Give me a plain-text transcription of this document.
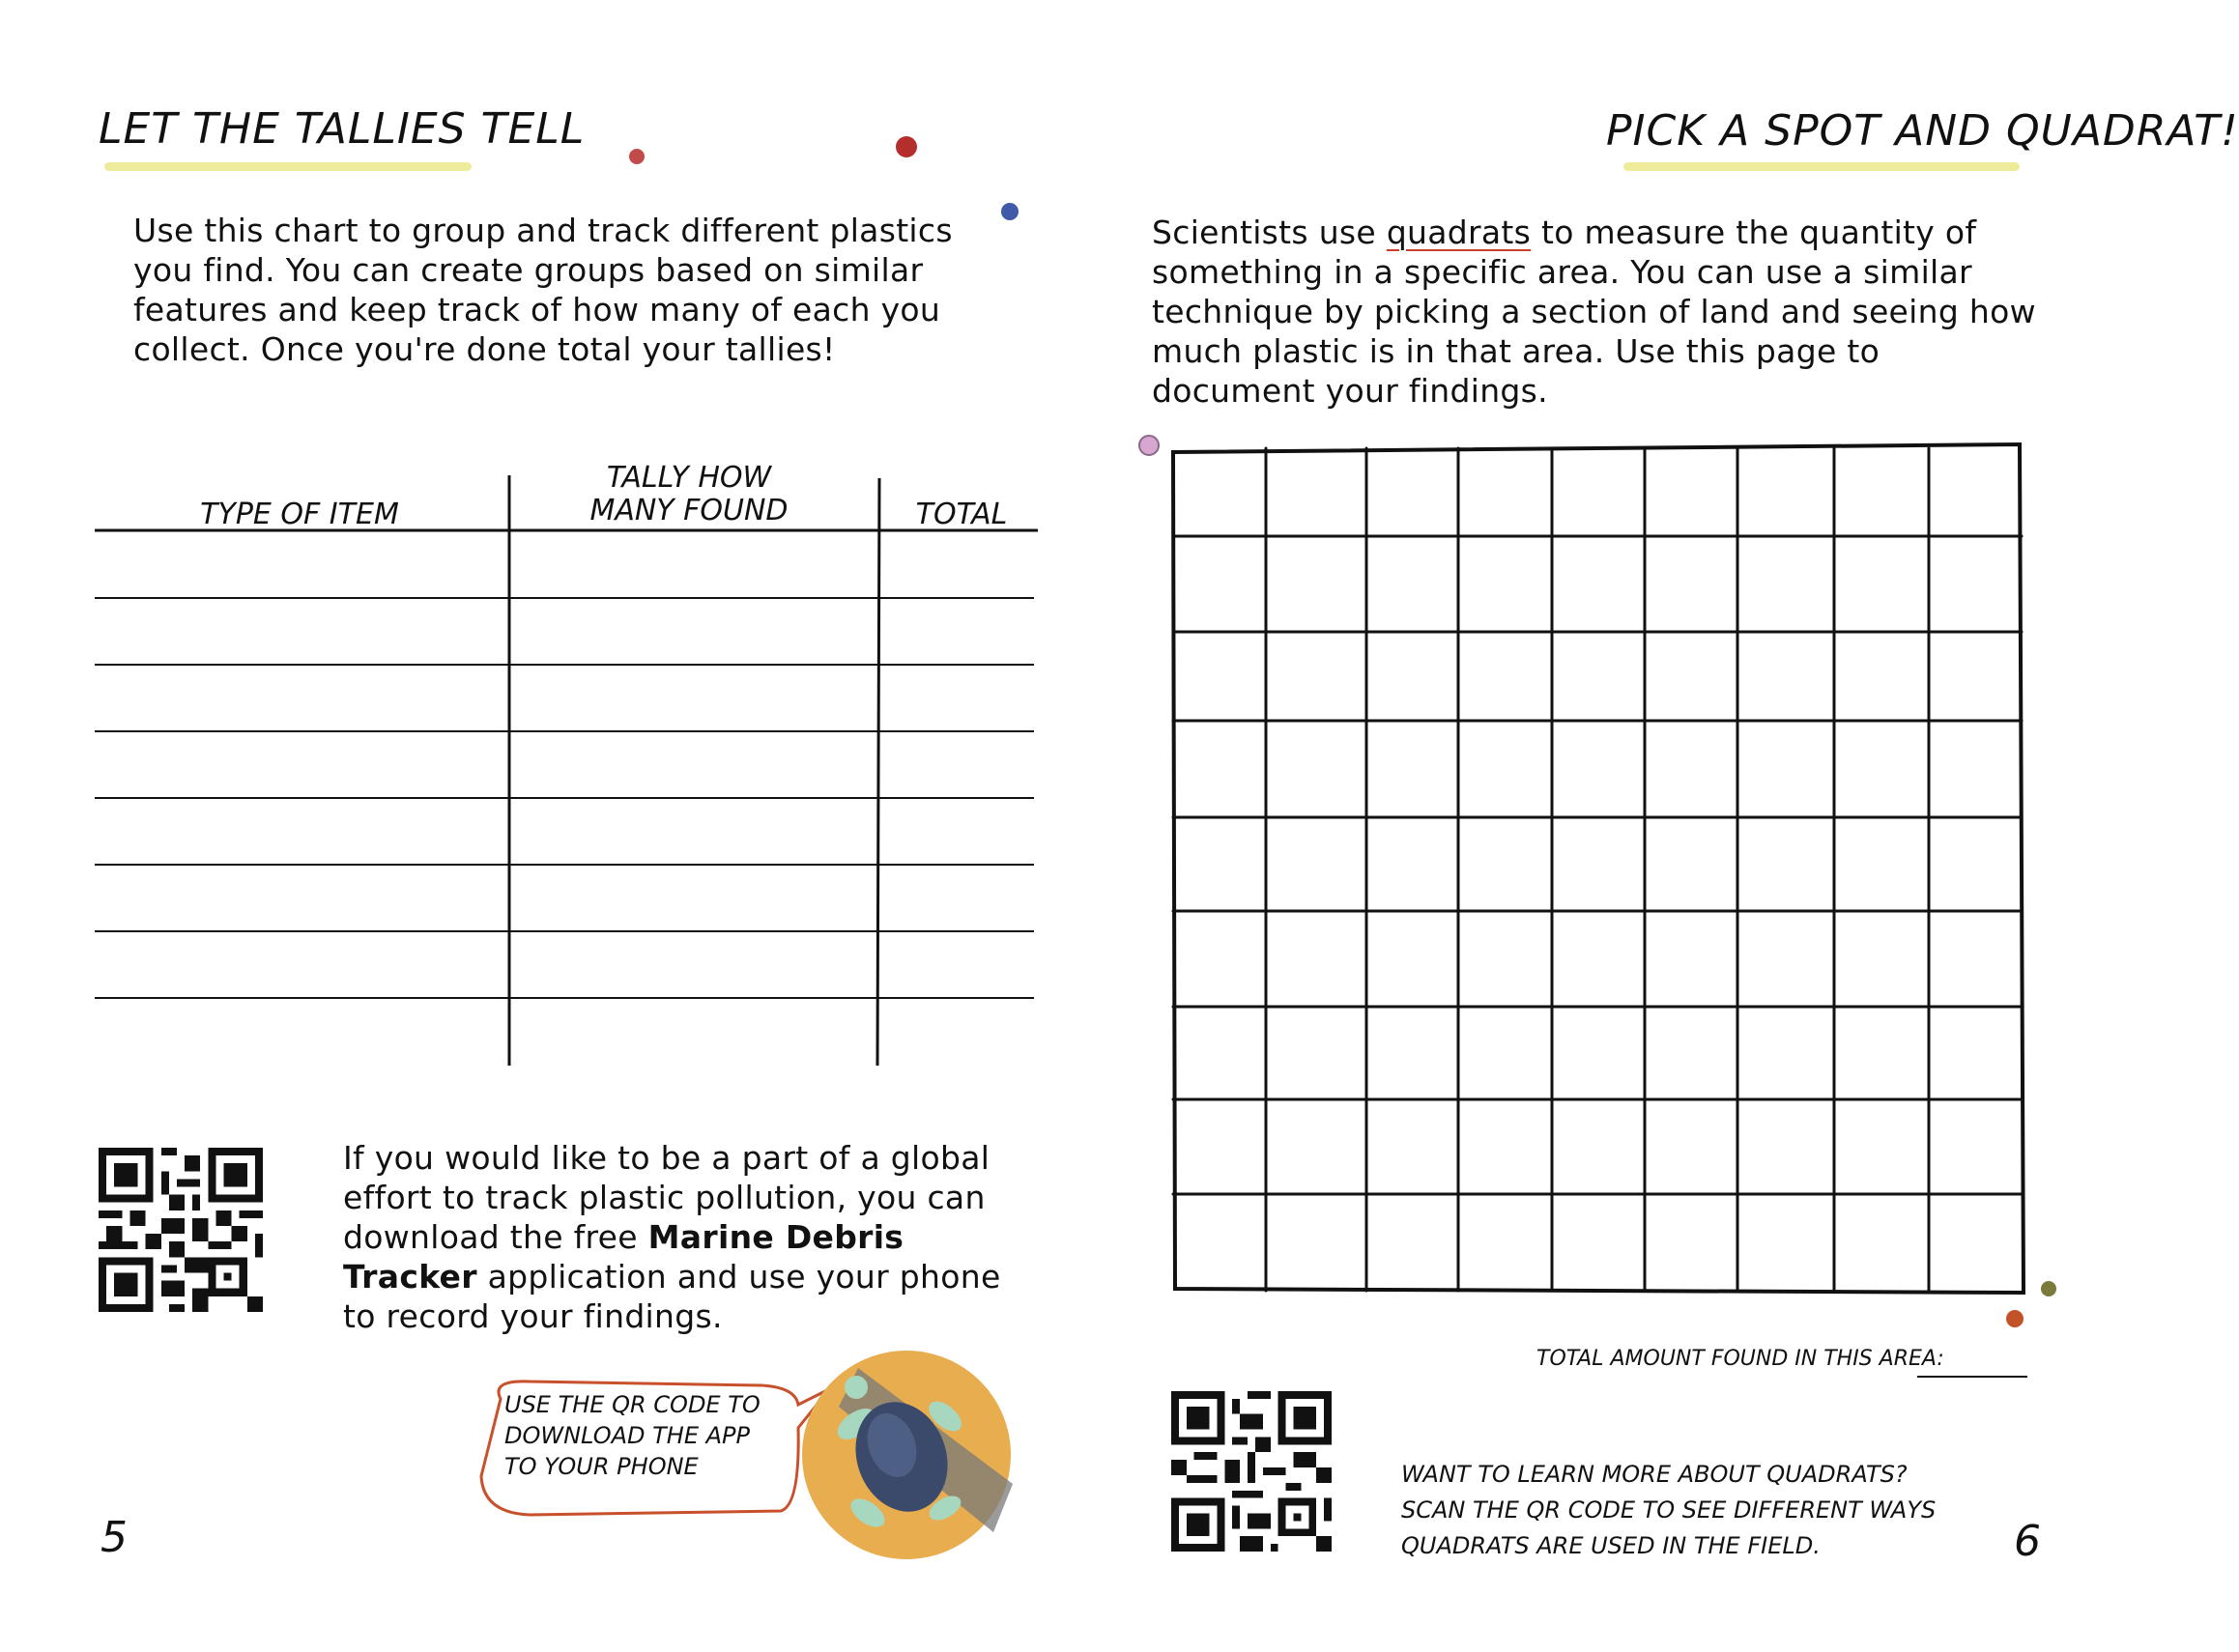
LET THE TALLIES TELL
Use this chart to group and track different plastics you find. You can create groups based on similar features and keep track of how many of each you collect. Once you're done total your tallies!
TYPE OF ITEM
TALLY HOW MANY FOUND	TOTAL
If you would like to be a part of a global effort to track plastic pollution, you can download the free Marine Debris Tracker application and use your phone to record your findings.
USE THE QR CODE TO DOWNLOAD THE APP TO YOUR PHONE
5
PICK A SPOT AND QUADRAT!
Scientists use quadrats to measure the quantity of something in a specific area. You can use a similar technique by picking a section of land and seeing how much plastic is in that area. Use this page to document your findings.
TOTAL AMOUNT FOUND IN THIS AREA:
WANT TO LEARN MORE ABOUT QUADRATS? SCAN THE QR CODE TO SEE DIFFERENT WAYS QUADRATS ARE USED IN THE FIELD.	6
